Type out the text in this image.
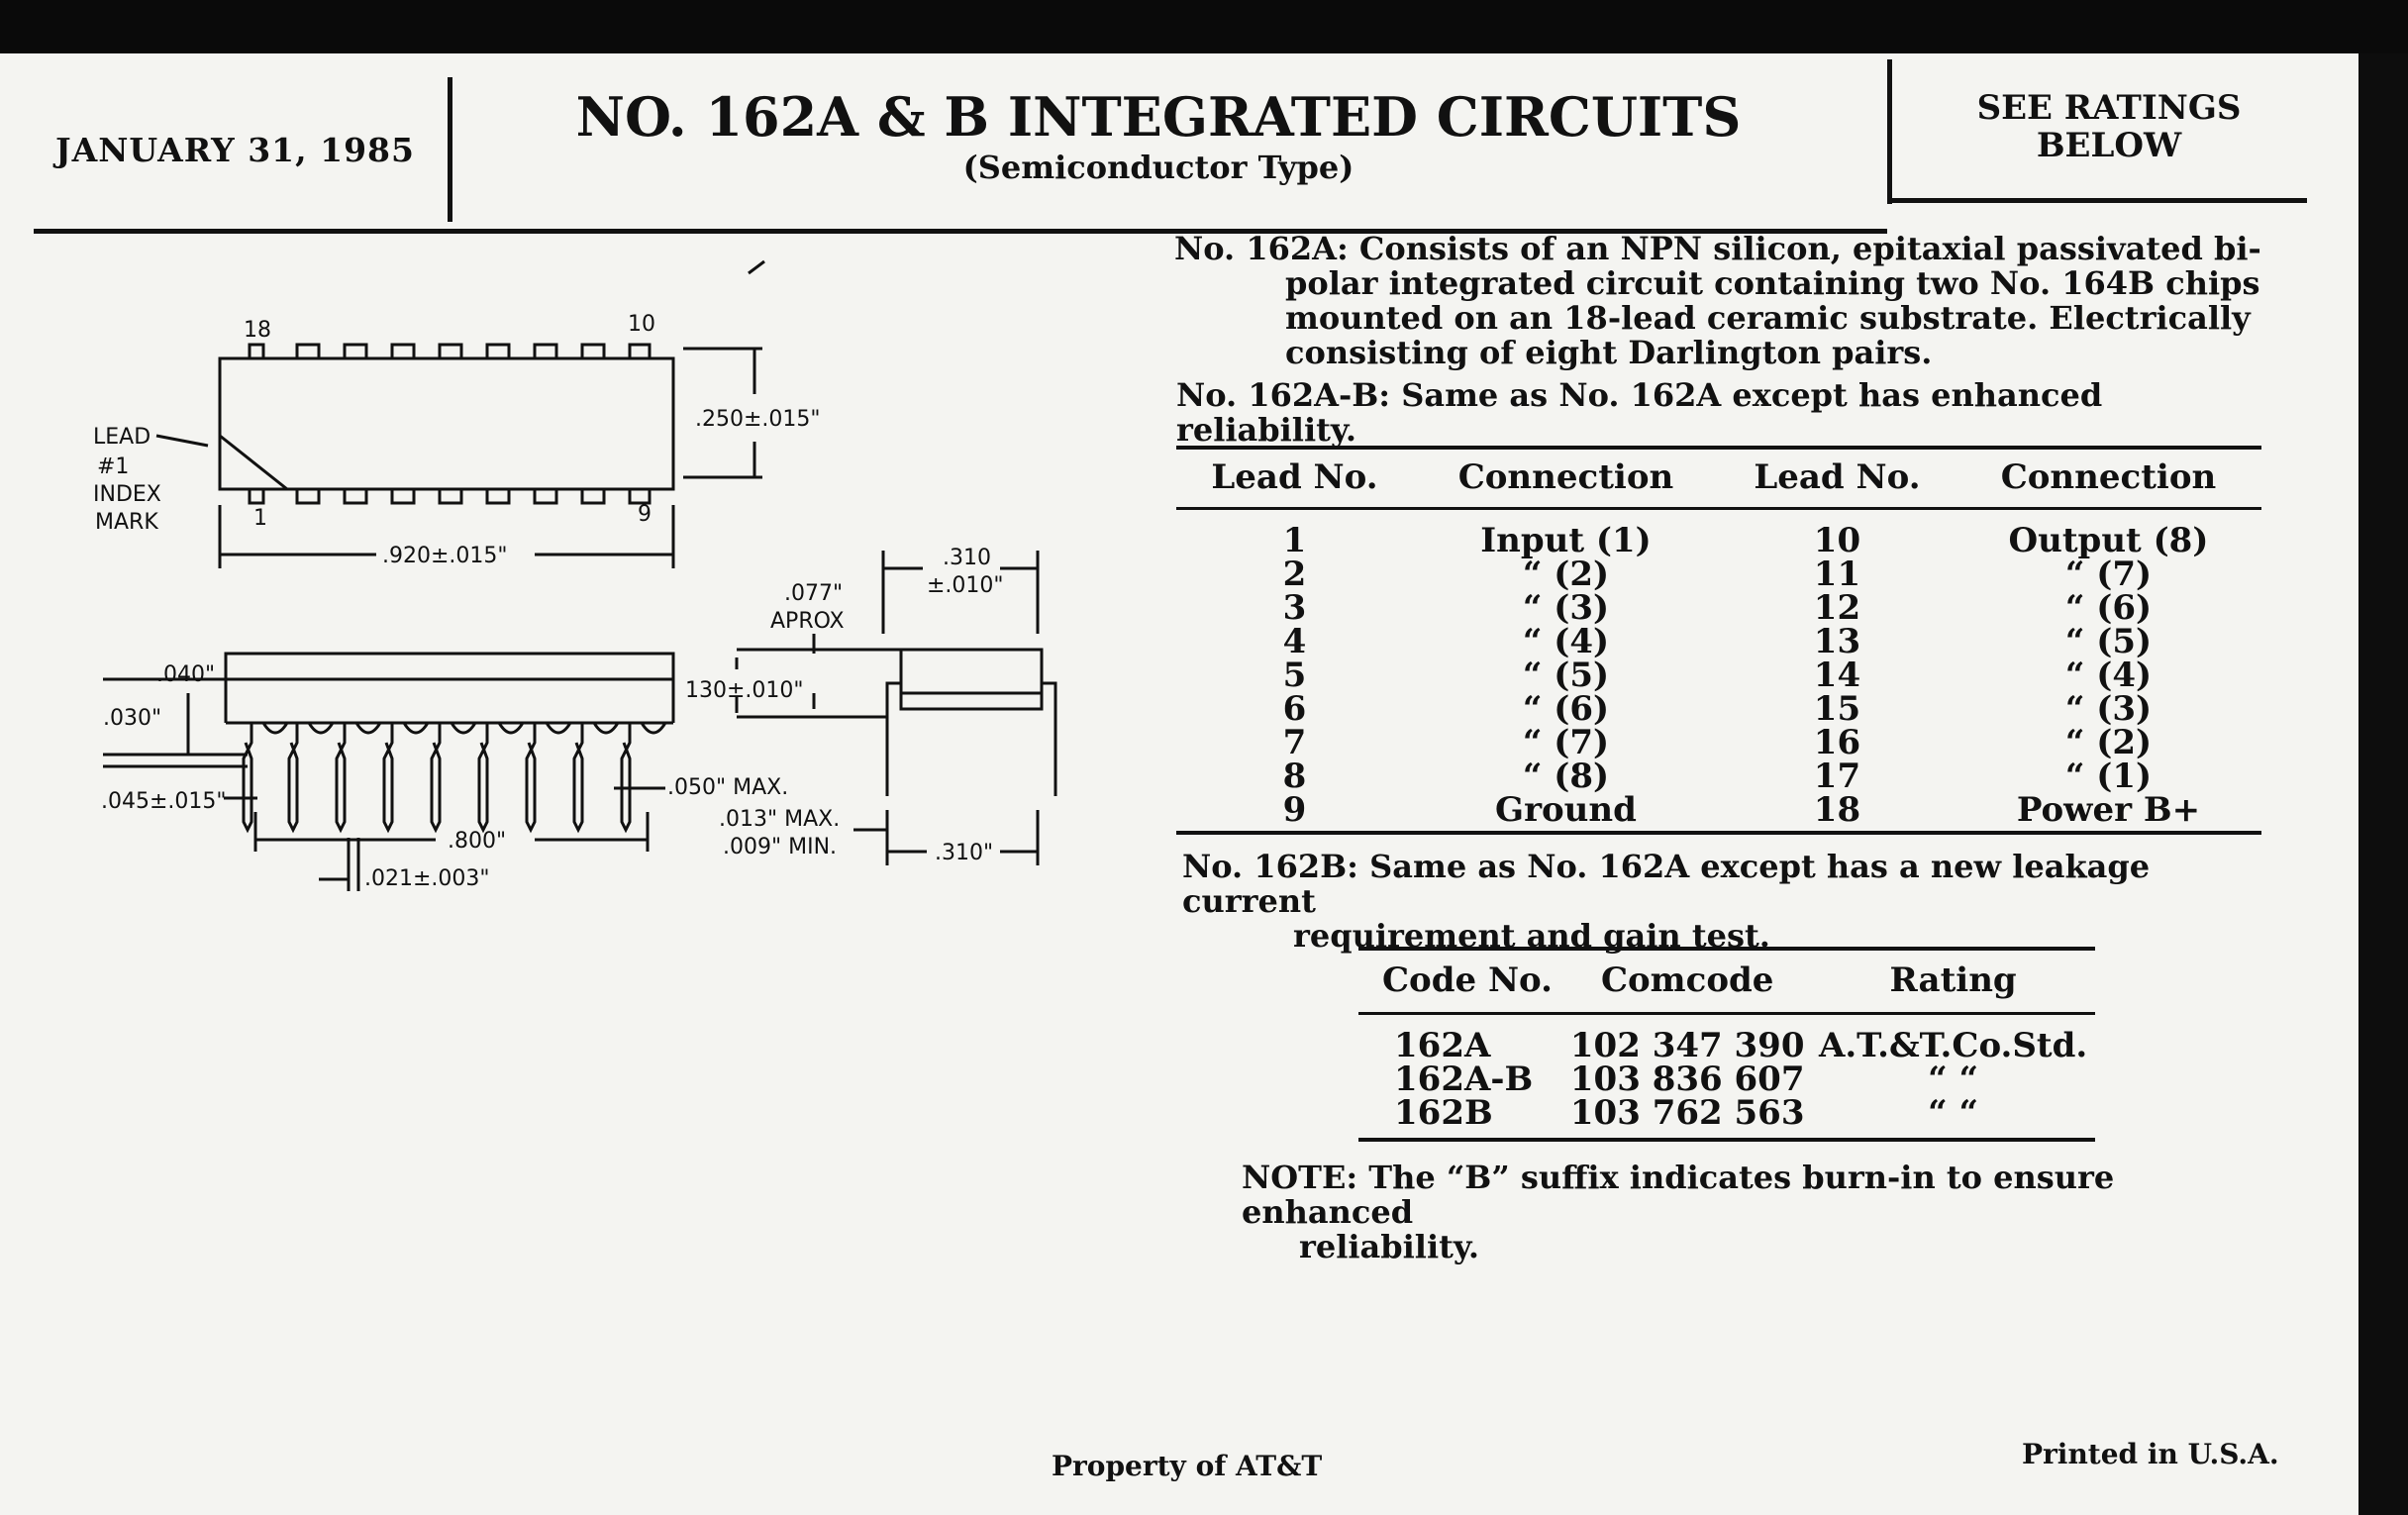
JANUARY 31, 1985
NO. 162A & B INTEGRATED CIRCUITS
(Semiconductor Type)
SEE RATINGS
BELOW
18	10
1	9
LEAD
#1
INDEX
MARK
.250±.015"
.920±.015"
.077"
APROX
.310
±.010"
.040"
.030"
.045±.015"
130±.010"
.050" MAX.
.013" MAX.
.009" MIN.
.800"
.021±.003"
.310"
No. 162A: Consists of an NPN silicon, epitaxial passivated bi-
polar integrated circuit containing two No. 164B chips
mounted on an 18-lead ceramic substrate. Electrically
consisting of eight Darlington pairs.
No. 162A-B: Same as No. 162A except has enhanced reliability.
Lead No.	Connection	Lead No.	Connection
1	Input (1)	10	Output (8)
2	“ (2)	11	“ (7)
3	“ (3)	12	“ (6)
4	“ (4)	13	“ (5)
5	“ (5)	14	“ (4)
6	“ (6)	15	“ (3)
7	“ (7)	16	“ (2)
8	“ (8)	17	“ (1)
9	Ground	18	Power B+
No. 162B: Same as No. 162A except has a new leakage current
requirement and gain test.
Code No.	Comcode	Rating
162A	102 347 390	A.T.&T.Co.Std.
162A-B	103 836 607	“ “
162B	103 762 563	“ “
NOTE: The “B” suffix indicates burn-in to ensure enhanced
reliability.
Property of AT&T	Printed in U.S.A.
